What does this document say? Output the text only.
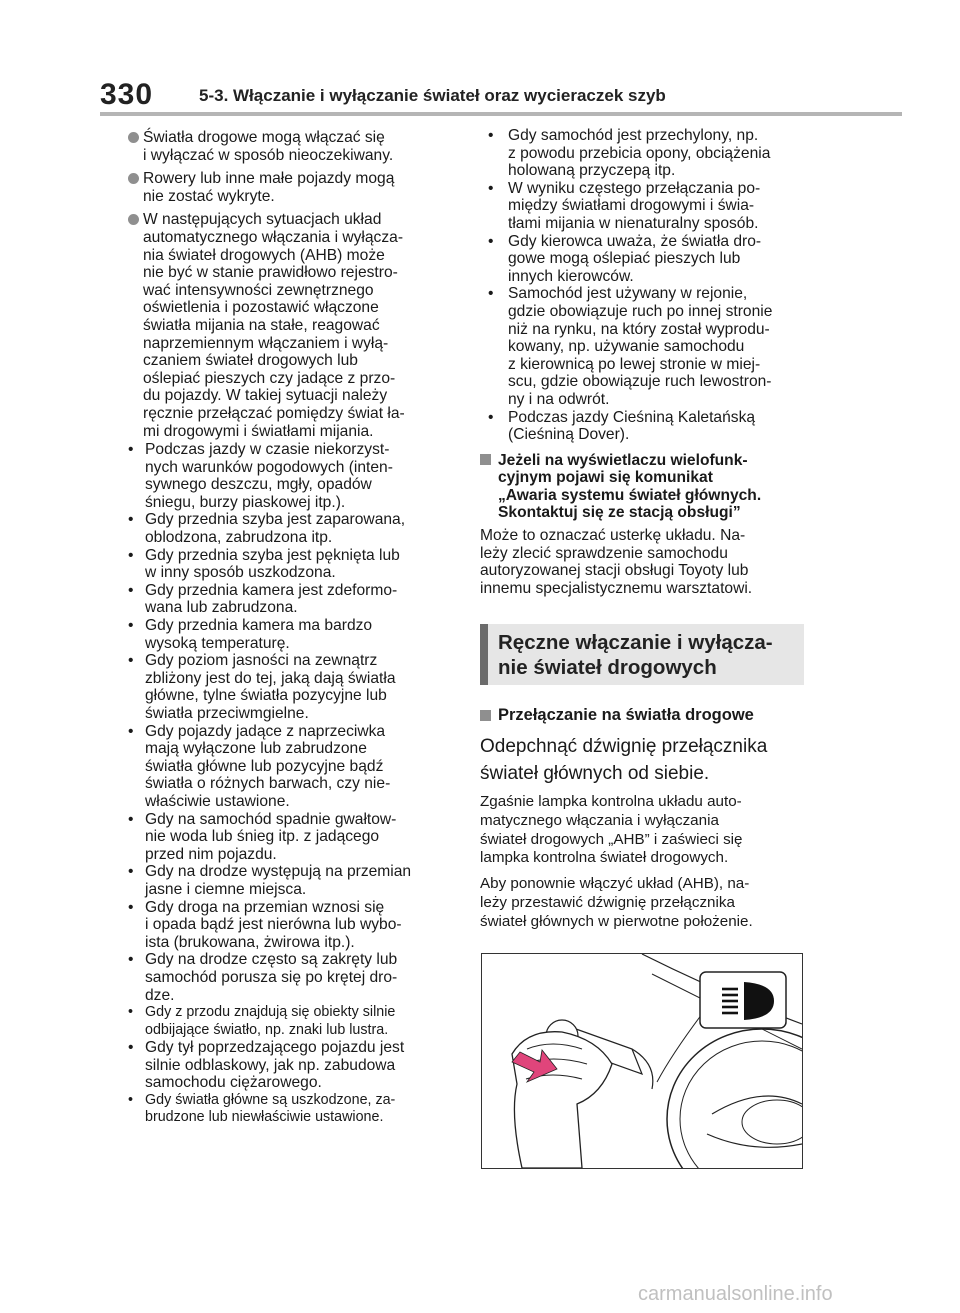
330	5-3. Włączanie i wyłączanie świateł oraz wycieraczek szyb
Światła drogowe mogą włączać się
i wyłączać w sposób nieoczekiwany.
Rowery lub inne małe pojazdy mogą
nie zostać wykryte.
W następujących sytuacjach układ
automatycznego włączania i wyłącza-
nia świateł drogowych (AHB) może
nie być w stanie prawidłowo rejestro-
wać intensywności zewnętrznego
oświetlenia i pozostawić włączone
światła mijania na stałe, reagować
naprzemiennym włączaniem i wyłą-
czaniem świateł drogowych lub
oślepiać pieszych czy jadące z przo-
du pojazdy. W takiej sytuacji należy
ręcznie przełączać pomiędzy świat ła-
mi drogowymi i światłami mijania.
• Podczas jazdy w czasie niekorzyst-
nych warunków pogodowych (inten-
sywnego deszczu, mgły, opadów
śniegu, burzy piaskowej itp.).
• Gdy przednia szyba jest zaparowana,
oblodzona, zabrudzona itp.
• Gdy przednia szyba jest pęknięta lub
w inny sposób uszkodzona.
• Gdy przednia kamera jest zdeformo-
wana lub zabrudzona.
• Gdy przednia kamera ma bardzo
wysoką temperaturę.
• Gdy poziom jasności na zewnątrz
zbliżony jest do tej, jaką dają światła
główne, tylne światła pozycyjne lub
światła przeciwmgielne.
• Gdy pojazdy jadące z naprzeciwka
mają wyłączone lub zabrudzone
światła główne lub pozycyjne bądź
światła o różnych barwach, czy nie-
właściwie ustawione.
• Gdy na samochód spadnie gwałtow-
nie woda lub śnieg itp. z jadącego
przed nim pojazdu.
• Gdy na drodze występują na przemian
jasne i ciemne miejsca.
• Gdy droga na przemian wznosi się
i opada bądź jest nierówna lub wybo-
ista (brukowana, żwirowa itp.).
• Gdy na drodze często są zakręty lub
samochód porusza się po krętej dro-
dze.
• Gdy z przodu znajdują się obiekty silnie
odbijające światło, np. znaki lub lustra.
• Gdy tył poprzedzającego pojazdu jest
silnie odblaskowy, jak np. zabudowa
samochodu ciężarowego.
• Gdy światła główne są uszkodzone, za-
brudzone lub niewłaściwie ustawione.
• Gdy samochód jest przechylony, np.
z powodu przebicia opony, obciążenia
holowaną przyczepą itp.
• W wyniku częstego przełączania po-
między światłami drogowymi i świa-
tłami mijania w nienaturalny sposób.
• Gdy kierowca uważa, że światła dro-
gowe mogą oślepiać pieszych lub
innych kierowców.
• Samochód jest używany w rejonie,
gdzie obowiązuje ruch po innej stronie
niż na rynku, na który został wyprodu-
kowany, np. używanie samochodu
z kierownicą po lewej stronie w miej-
scu, gdzie obowiązuje ruch lewostron-
ny i na odwrót.
• Podczas jazdy Cieśniną Kaletańską
(Cieśniną Dover).
Jeżeli na wyświetlaczu wielofunk-
cyjnym pojawi się komunikat
„Awaria systemu świateł głównych.
Skontaktuj się ze stacją obsługi”
Może to oznaczać usterkę układu. Na-
leży zlecić sprawdzenie samochodu
autoryzowanej stacji obsługi Toyoty lub
innemu specjalistycznemu warsztatowi.
Ręczne włączanie i wyłącza-
nie świateł drogowych
Przełączanie na światła drogowe
Odepchnąć dźwignię przełącznika
świateł głównych od siebie.
Zgaśnie lampka kontrolna układu auto-
matycznego włączania i wyłączania
świateł drogowych „AHB” i zaświeci się
lampka kontrolna świateł drogowych.
Aby ponownie włączyć układ (AHB), na-
leży przestawić dźwignię przełącznika
świateł głównych w pierwotne położenie.
carmanualsonline.info
